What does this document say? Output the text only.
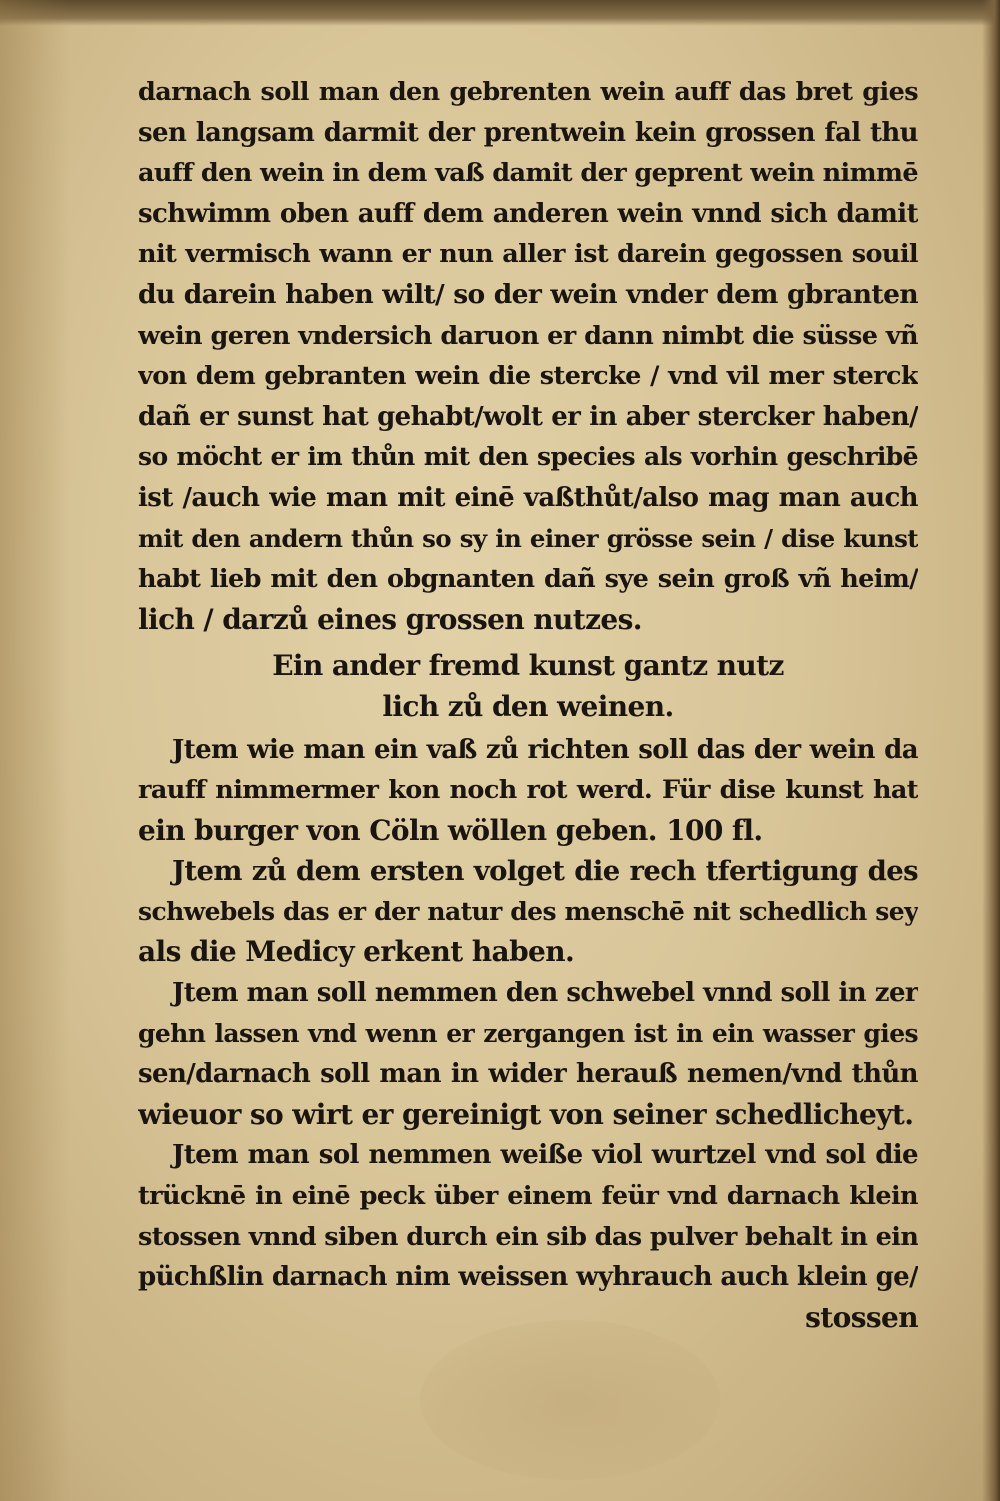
darnach soll man den gebrenten wein auff das bret gies
sen langsam darmit der prentwein kein grossen fal thu
auff den wein in dem vaß damit der geprent wein nimmē
schwimm oben auff dem anderen wein vnnd sich damit
nit vermisch wann er nun aller ist darein gegossen souil
du darein haben wilt/ so der wein vnder dem gbranten
wein geren vndersich daruon er dann nimbt die süsse vñ
von dem gebranten wein die stercke / vnd vil mer sterck
dañ er sunst hat gehabt/wolt er in aber stercker haben/
so möcht er im thůn mit den species als vorhin geschribē
ist /auch wie man mit einē vaßthůt/also mag man auch
mit den andern thůn so sy in einer grösse sein / dise kunst
habt lieb mit den obgnanten dañ sye sein groß vñ heim/
lich / darzů eines grossen nutzes.
Ein ander fremd kunst gantz nutz
lich zů den weinen.
Jtem wie man ein vaß zů richten soll das der wein da
rauff nimmermer kon noch rot werd. Für dise kunst hat
ein burger von Cöln wöllen geben. 100 fl.
Jtem zů dem ersten volget die rech tfertigung des
schwebels das er der natur des menschē nit schedlich sey
als die Medicy erkent haben.
Jtem man soll nemmen den schwebel vnnd soll in zer
gehn lassen vnd wenn er zergangen ist in ein wasser gies
sen/darnach soll man in wider herauß nemen/vnd thůn
wieuor so wirt er gereinigt von seiner schedlicheyt.
Jtem man sol nemmen weiße viol wurtzel vnd sol die
trücknē in einē peck über einem feür vnd darnach klein
stossen vnnd siben durch ein sib das pulver behalt in ein
püchßlin darnach nim weissen wyhrauch auch klein ge/
stossen
